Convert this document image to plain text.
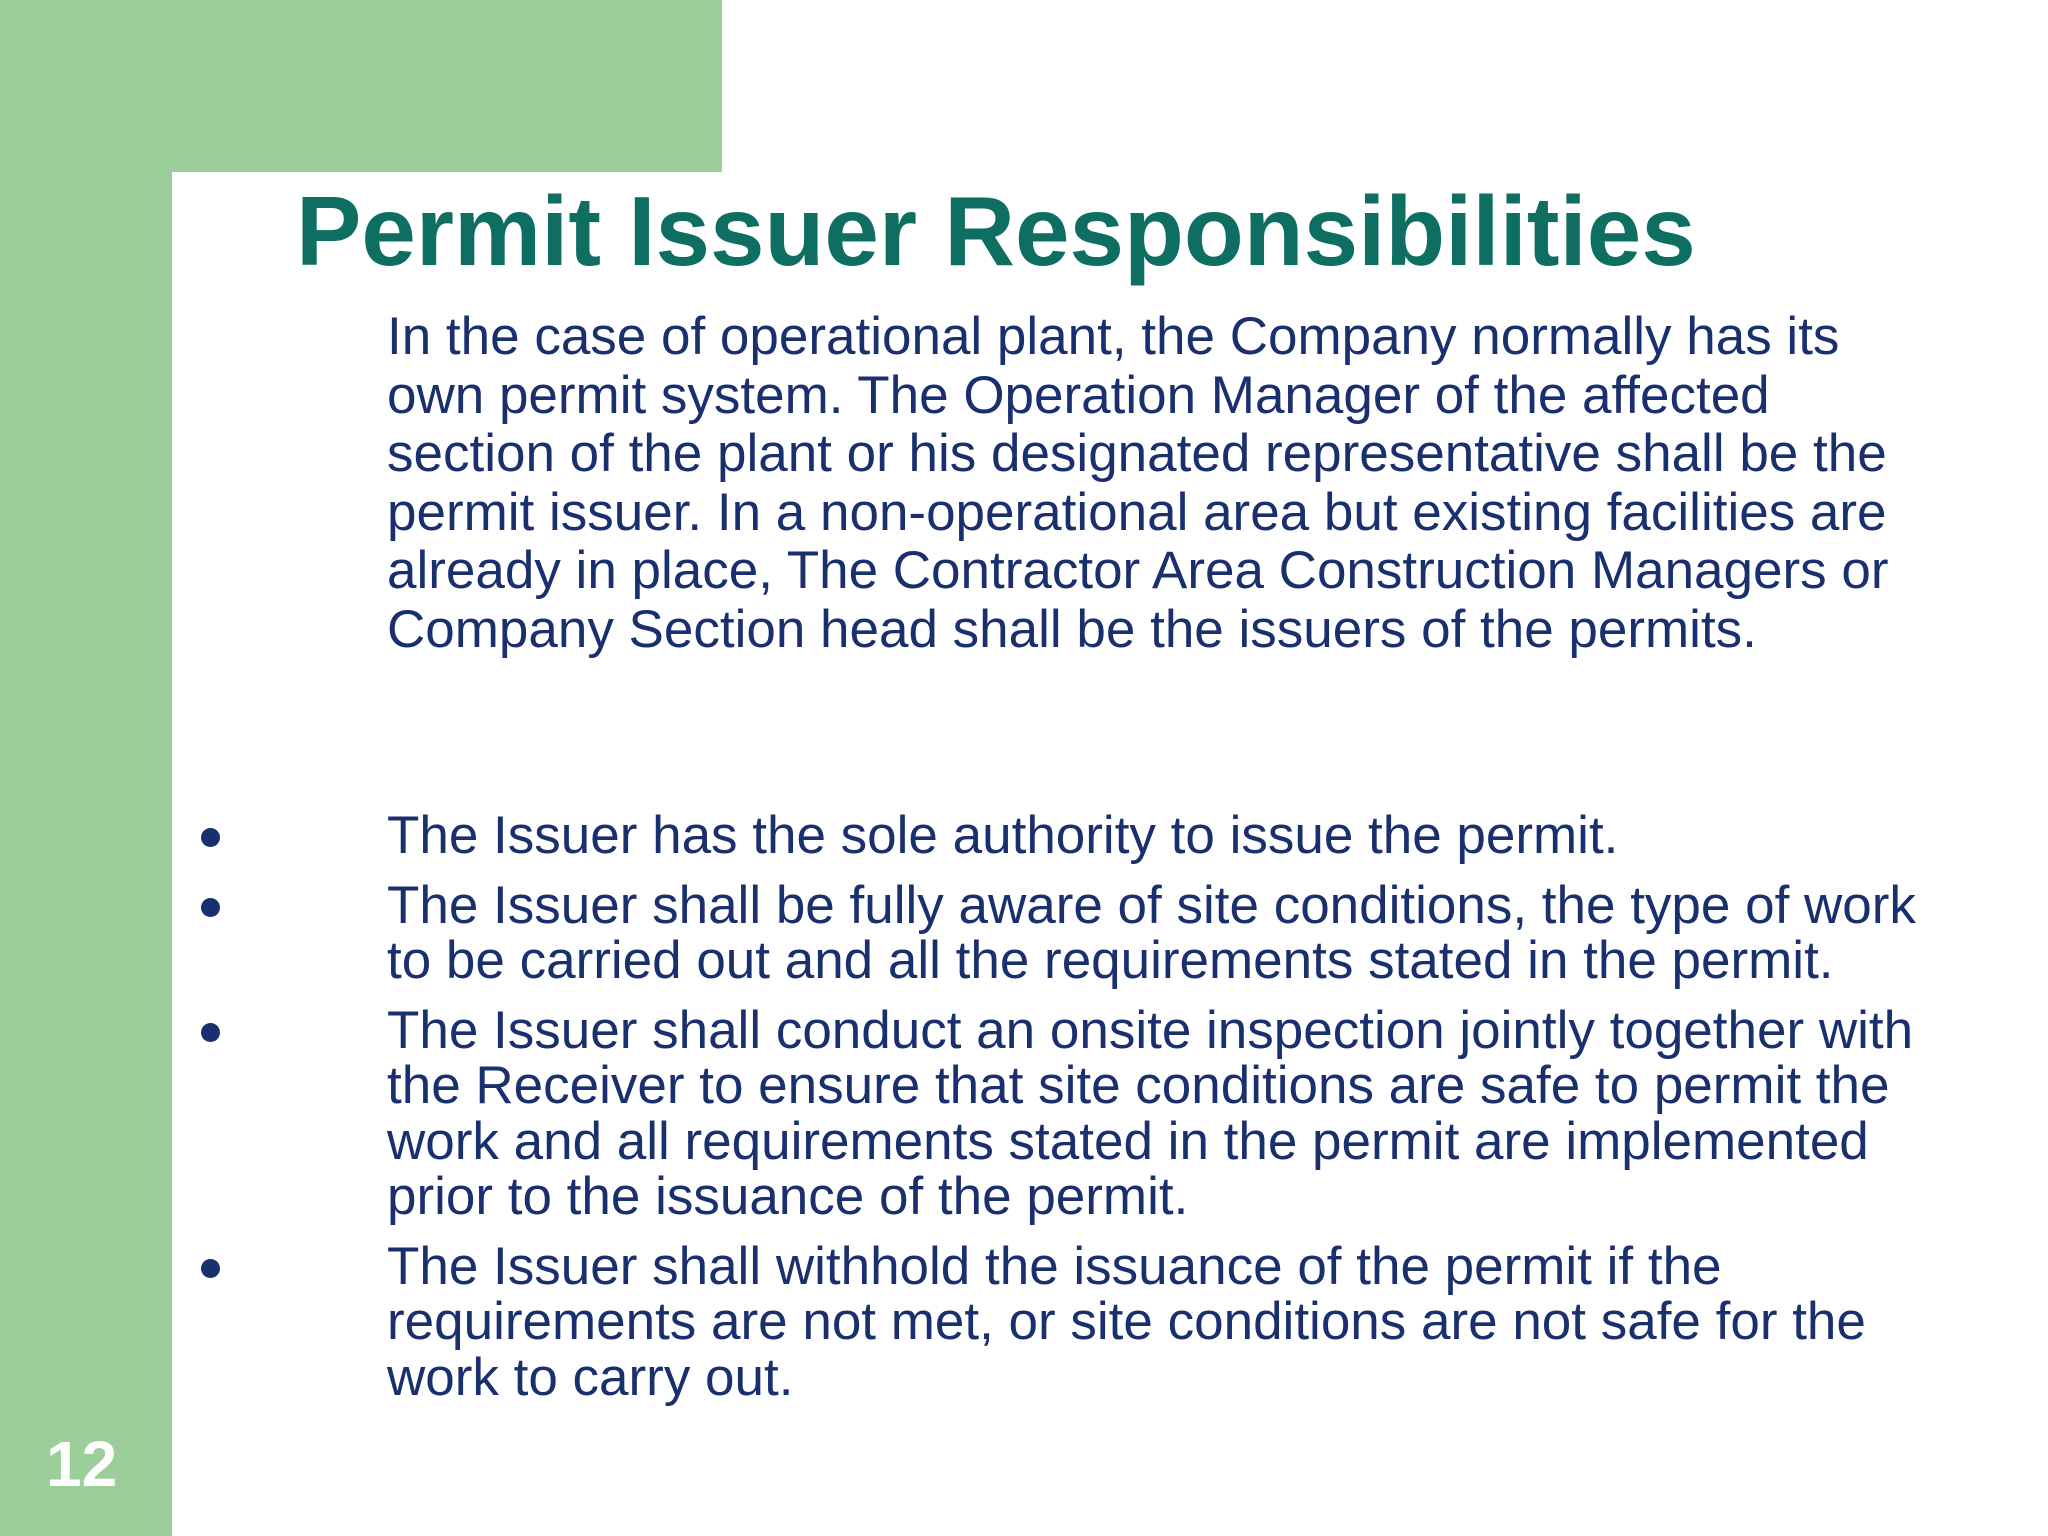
12
Permit Issuer Responsibilities

In the case of operational plant, the Company normally has its own permit system. The Operation Manager of the affected section of the plant or his designated representative shall be the permit issuer. In a non-operational area but existing facilities are already in place, The Contractor Area Construction Managers or Company Section head shall be the issuers of the permits.

The Issuer has the sole authority to issue the permit.
The Issuer shall be fully aware of site conditions, the type of work to be carried out and all the requirements stated in the permit.
The Issuer shall conduct an onsite inspection jointly together with the Receiver to ensure that site conditions are safe to permit the work and all requirements stated in the permit are implemented prior to the issuance of the permit.
The Issuer shall withhold the issuance of the permit if the requirements are not met, or site conditions are not safe for the work to carry out.
